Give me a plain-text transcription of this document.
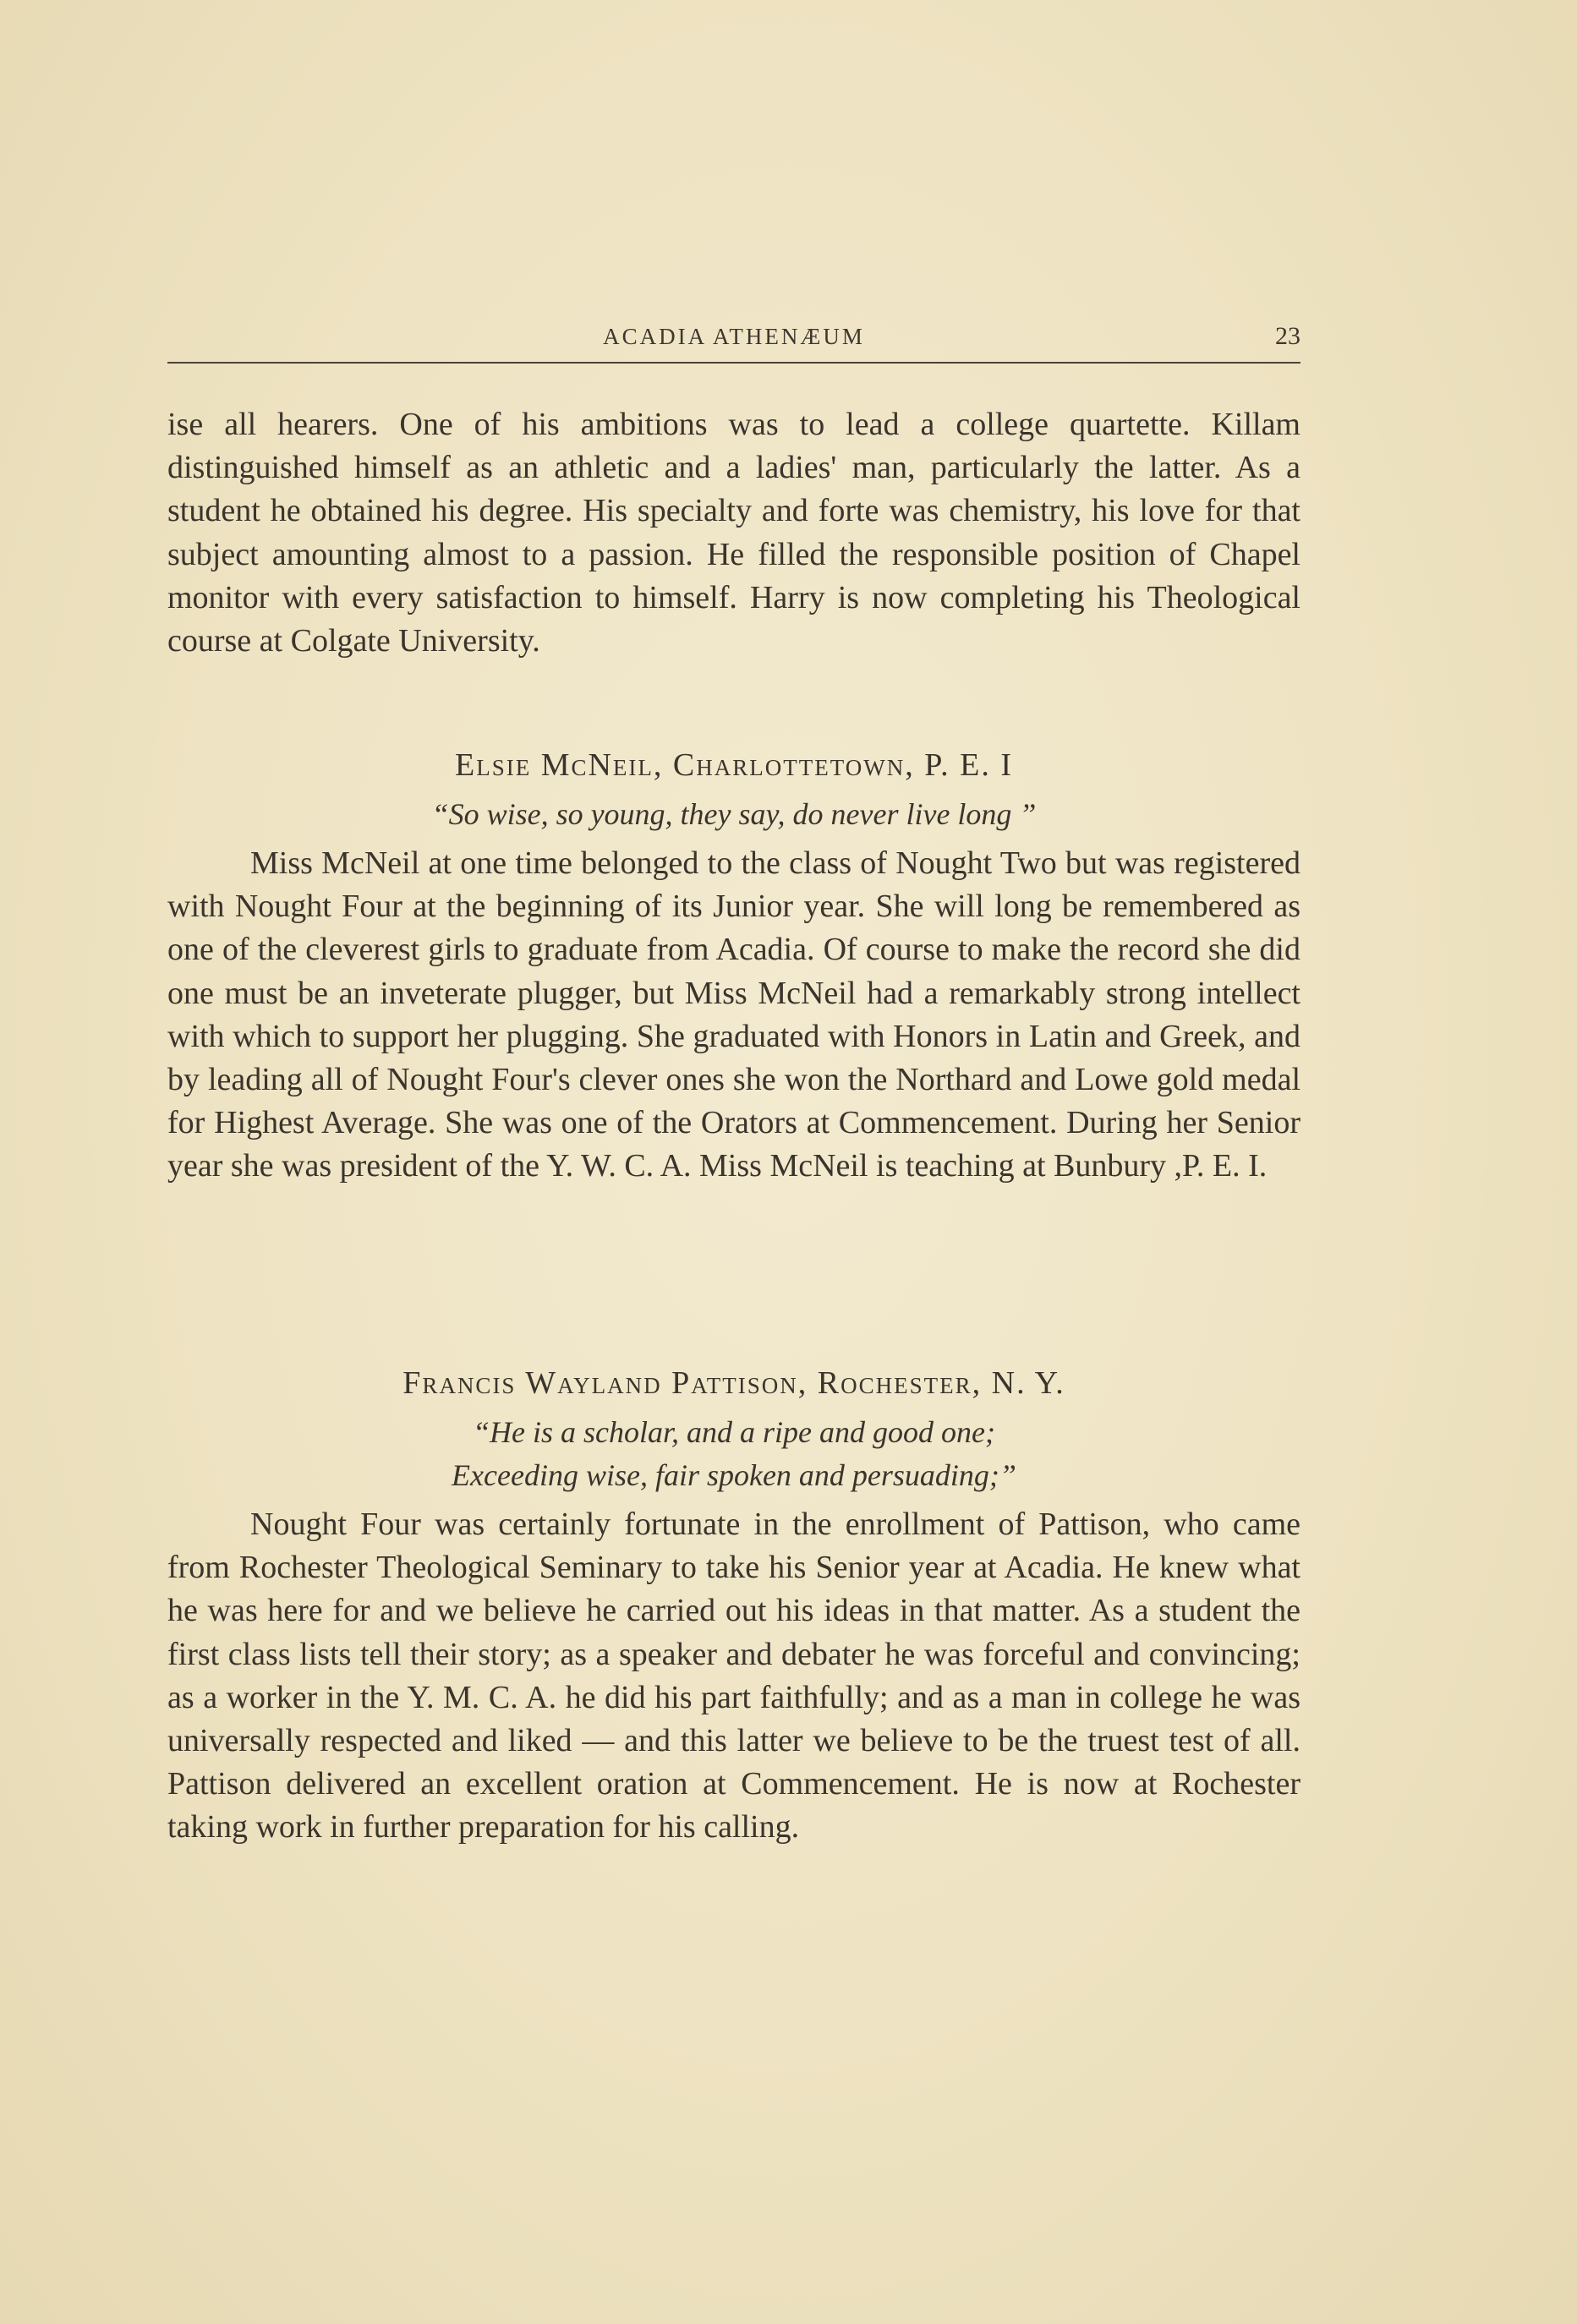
ACADIA ATHENÆUM	23

ise all hearers. One of his ambitions was to lead a college quartette. Killam distinguished himself as an athletic and a ladies' man, particularly the latter. As a student he obtained his degree. His specialty and forte was chemistry, his love for that subject amounting almost to a passion. He filled the responsible position of Chapel monitor with every satisfaction to himself. Harry is now completing his Theological course at Colgate University.

Elsie McNeil, Charlottetown, P. E. I
“So wise, so young, they say, do never live long ”

Miss McNeil at one time belonged to the class of Nought Two but was registered with Nought Four at the beginning of its Junior year. She will long be remembered as one of the cleverest girls to graduate from Acadia. Of course to make the record she did one must be an inveterate plugger, but Miss McNeil had a remarkably strong intellect with which to support her plugging. She graduated with Honors in Latin and Greek, and by leading all of Nought Four's clever ones she won the Northard and Lowe gold medal for Highest Average. She was one of the Orators at Commencement. During her Senior year she was president of the Y. W. C. A. Miss McNeil is teaching at Bunbury ,P. E. I.

Francis Wayland Pattison, Rochester, N. Y.
“He is a scholar, and a ripe and good one;
Exceeding wise, fair spoken and persuading;”

Nought Four was certainly fortunate in the enrollment of Pattison, who came from Rochester Theological Seminary to take his Senior year at Acadia. He knew what he was here for and we believe he carried out his ideas in that matter. As a student the first class lists tell their story; as a speaker and debater he was forceful and convincing; as a worker in the Y. M. C. A. he did his part faithfully; and as a man in college he was universally respected and liked — and this latter we believe to be the truest test of all. Pattison delivered an excellent oration at Commencement. He is now at Rochester taking work in further preparation for his calling.
